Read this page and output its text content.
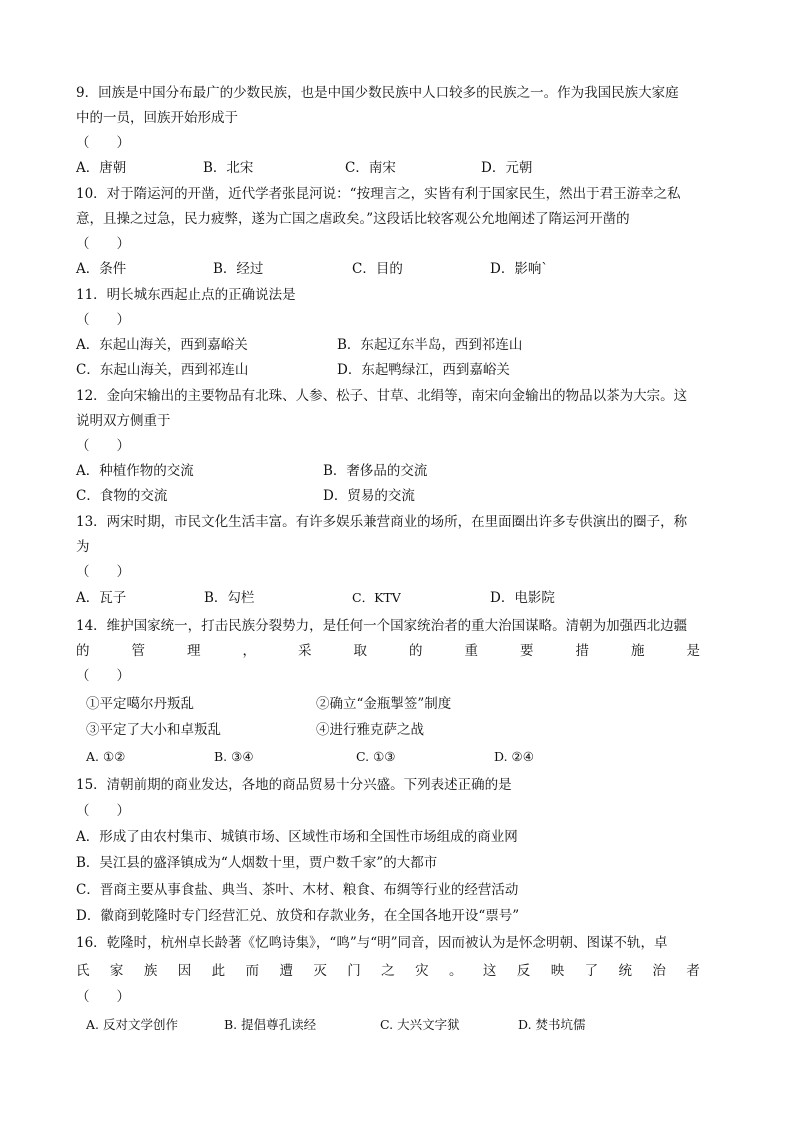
9．回族是中国分布最广的少数民族，也是中国少数民族中人口较多的民族之一。作为我国民族大家庭
中的一员，回族开始形成于
（　　）
A．唐朝	B．北宋	C．南宋	D．元朝
10．对于隋运河的开凿，近代学者张昆河说：“按理言之，实皆有利于国家民生，然出于君王游幸之私
意，且操之过急，民力疲弊，遂为亡国之虐政矣。”这段话比较客观公允地阐述了隋运河开凿的
（　　）
A．条件	B．经过	C．目的	D．影响`
11．明长城东西起止点的正确说法是
（　　）
A．东起山海关，西到嘉峪关	B．东起辽东半岛，西到祁连山
C．东起山海关，西到祁连山	D．东起鸭绿江，西到嘉峪关
12．金向宋输出的主要物品有北珠、人参、松子、甘草、北绢等，南宋向金输出的物品以茶为大宗。这
说明双方侧重于
（　　）
A．种植作物的交流	B．奢侈品的交流
C．食物的交流	D．贸易的交流
13．两宋时期，市民文化生活丰富。有许多娱乐兼营商业的场所，在里面圈出许多专供演出的圈子，称
为
（　　）
A．瓦子	B．勾栏	C．KTV	D．电影院
14．维护国家统一，打击民族分裂势力，是任何一个国家统治者的重大治国谋略。清朝为加强西北边疆
的	管	理	，	采	取	的	重	要	措	施	是
（　　）
①平定噶尔丹叛乱	②确立“金瓶掣签”制度
③平定了大小和卓叛乱	④进行雅克萨之战
A. ①②	B. ③④	C. ①③	D. ②④
15．清朝前期的商业发达，各地的商品贸易十分兴盛。下列表述正确的是
（　　）
A．形成了由农村集市、城镇市场、区域性市场和全国性市场组成的商业网
B．吴江县的盛泽镇成为“人烟数十里，贾户数千家”的大都市
C．晋商主要从事食盐、典当、茶叶、木材、粮食、布绸等行业的经营活动
D．徽商到乾隆时专门经营汇兑、放贷和存款业务，在全国各地开设“票号”
16．乾隆时，杭州卓长龄著《忆鸣诗集》，“鸣”与“明”同音，因而被认为是怀念明朝、图谋不轨，卓
氏 家 族 因 此 而 遭 灭 门 之 灾 。 这 反 映 了 统 治 者
（　　）
A. 反对文学创作	B. 提倡尊孔读经	C. 大兴文字狱	D. 焚书坑儒
